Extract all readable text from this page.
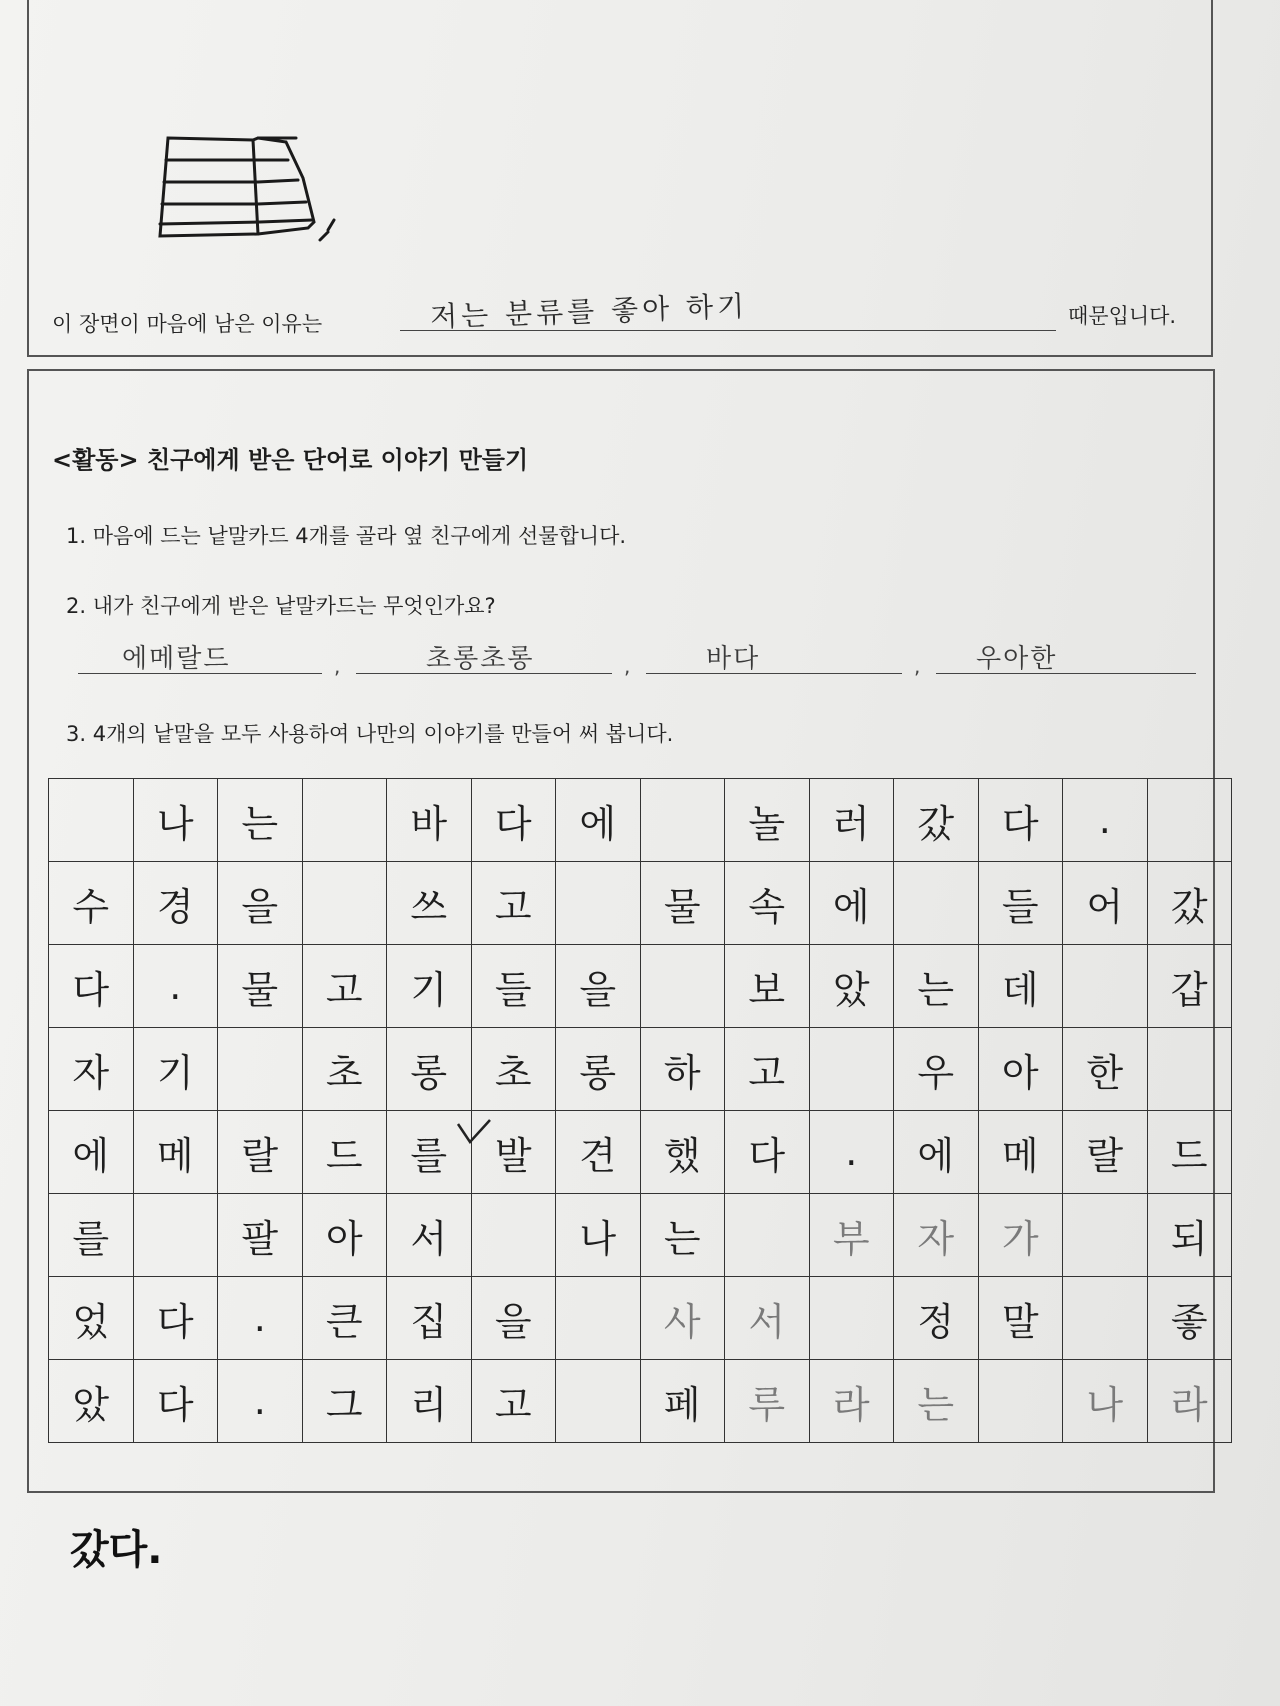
이 장면이 마음에 남은 이유는	저는 분류를 좋아 하기	때문입니다.
<활동> 친구에게 받은 단어로 이야기 만들기
1. 마음에 드는 낱말카드 4개를 골라 옆 친구에게 선물합니다.
2. 내가 친구에게 받은 낱말카드는 무엇인가요?
에메랄드	,	초롱초롱	,	바다	, 우아한
3. 4개의 낱말을 모두 사용하여 나만의 이야기를 만들어 써 봅니다.
	나	는		바	다	에		놀	러	갔	다	.	
수	경	을		쓰	고		물	속	에		들	어	갔
다	.	물	고	기	들	을		보	았	는	데		갑
자	기		초	롱	초	롱	하	고		우	아	한	
에	메	랄	드	를	발	견	했	다	.	에	메	랄	드
를		팔	아	서		나	는		부	자	가		되
었	다	.	큰	집	을		사	서		정	말		좋
았	다	.	그	리	고		페	루	라	는		나	라
갔다.
